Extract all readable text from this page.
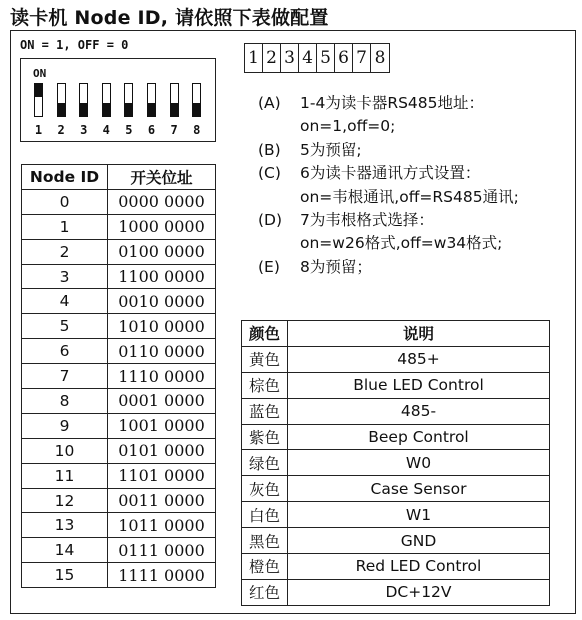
读卡机 Node ID, 请依照下表做配置
ON = 1, OFF = 0
ON
1 2 3 4 5 6 7 8
1 2 3 4 5 6 7 8
(A)	1-4为读卡器RS485地址：
on=1,off=0;
(B)	5为预留;
(C)	6为读卡器通讯方式设置：
on=韦根通讯,off=RS485通讯;
(D)	7为韦根格式选择：
on=w26格式,off=w34格式;
(E)	8为预留；
Node ID	开关位址
0	0000 0000
1	1000 0000
2	0100 0000
3	1100 0000
4	0010 0000
5	1010 0000
6	0110 0000
7	1110 0000
8	0001 0000
9	1001 0000
10	0101 0000
11	1101 0000
12	0011 0000
13	1011 0000
14	0111 0000
15	1111 0000
颜色	说明
黄色	485+
棕色	Blue LED Control
蓝色	485-
紫色	Beep Control
绿色	W0
灰色	Case Sensor
白色	W1
黑色	GND
橙色	Red LED Control
红色	DC+12V
